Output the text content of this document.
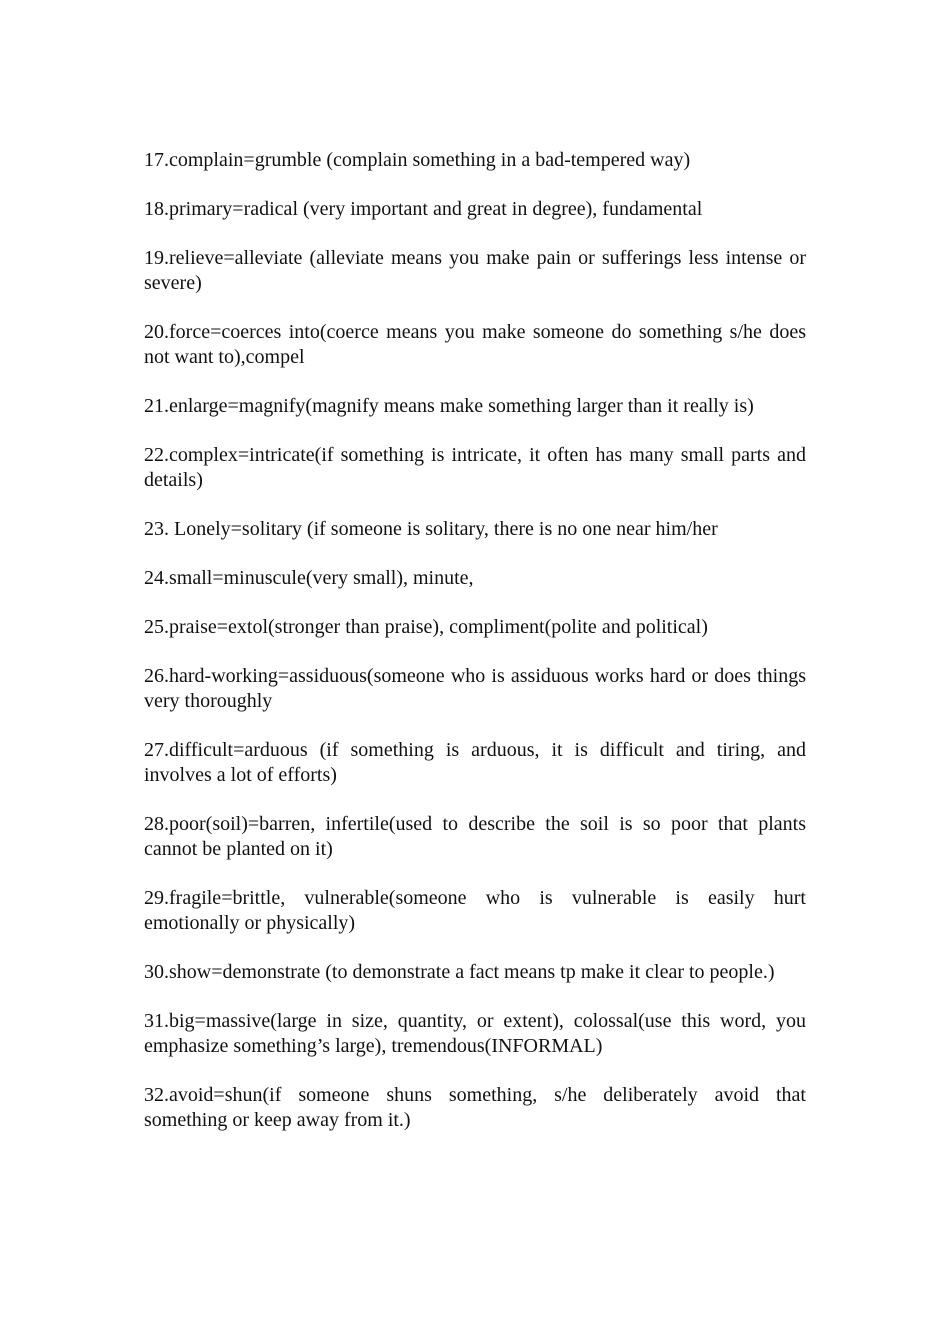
17.complain=grumble (complain something in a bad-tempered way)

18.primary=radical (very important and great in degree), fundamental

19.relieve=alleviate (alleviate means you make pain or sufferings less intense or severe)

20.force=coerces into(coerce means you make someone do something s/he does not want to),compel

21.enlarge=magnify(magnify means make something larger than it really is)

22.complex=intricate(if something is intricate, it often has many small parts and details)

23. Lonely=solitary (if someone is solitary, there is no one near him/her

24.small=minuscule(very small), minute,

25.praise=extol(stronger than praise), compliment(polite and political)

26.hard-working=assiduous(someone who is assiduous works hard or does things very thoroughly

27.difficult=arduous (if something is arduous, it is difficult and tiring, and involves a lot of efforts)

28.poor(soil)=barren, infertile(used to describe the soil is so poor that plants cannot be planted on it)

29.fragile=brittle, vulnerable(someone who is vulnerable is easily hurt emotionally or physically)

30.show=demonstrate (to demonstrate a fact means tp make it clear to people.)

31.big=massive(large in size, quantity, or extent), colossal(use this word, you emphasize something’s large), tremendous(INFORMAL)

32.avoid=shun(if someone shuns something, s/he deliberately avoid that something or keep away from it.)
